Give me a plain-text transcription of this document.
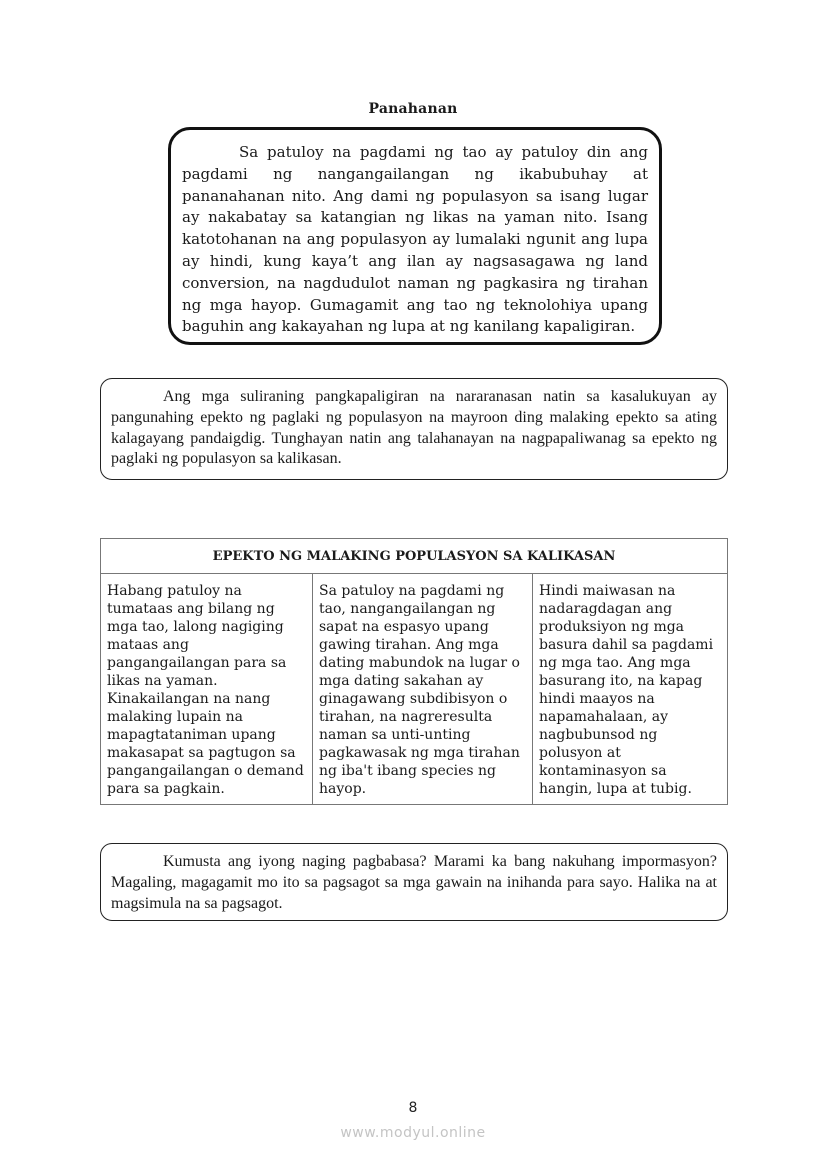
Panahanan

Sa patuloy na pagdami ng tao ay patuloy din ang pagdami ng nangangailangan ng ikabubuhay at pananahanan nito. Ang dami ng populasyon sa isang lugar ay nakabatay sa katangian ng likas na yaman nito. Isang katotohanan na ang populasyon ay lumalaki ngunit ang lupa ay hindi, kung kaya’t ang ilan ay nagsasagawa ng land conversion, na nagdudulot naman ng pagkasira ng tirahan ng mga hayop. Gumagamit ang tao ng teknolohiya upang baguhin ang kakayahan ng lupa at ng kanilang kapaligiran.

Ang mga suliraning pangkapaligiran na nararanasan natin sa kasalukuyan ay pangunahing epekto ng paglaki ng populasyon na mayroon ding malaking epekto sa ating kalagayang pandaigdig. Tunghayan natin ang talahanayan na nagpapaliwanag sa epekto ng paglaki ng populasyon sa kalikasan.

EPEKTO NG MALAKING POPULASYON SA KALIKASAN
Habang patuloy na tumataas ang bilang ng mga tao, lalong nagiging mataas ang pangangailangan para sa likas na yaman. Kinakailangan na nang malaking lupain na mapagtataniman upang makasapat sa pagtugon sa pangangailangan o demand para sa pagkain.	Sa patuloy na pagdami ng tao, nangangailangan ng sapat na espasyo upang gawing tirahan. Ang mga dating mabundok na lugar o mga dating sakahan ay ginagawang subdibisyon o tirahan, na nagreresulta naman sa unti-unting pagkawasak ng mga tirahan ng iba't ibang species ng hayop.	Hindi maiwasan na nadaragdagan ang produksiyon ng mga basura dahil sa pagdami ng mga tao. Ang mga basurang ito, na kapag hindi maayos na napamahalaan, ay nagbubunsod ng polusyon at kontaminasyon sa hangin, lupa at tubig.

Kumusta ang iyong naging pagbabasa? Marami ka bang nakuhang impormasyon? Magaling, magagamit mo ito sa pagsagot sa mga gawain na inihanda para sayo. Halika na at magsimula na sa pagsagot.

8
www.modyul.online
